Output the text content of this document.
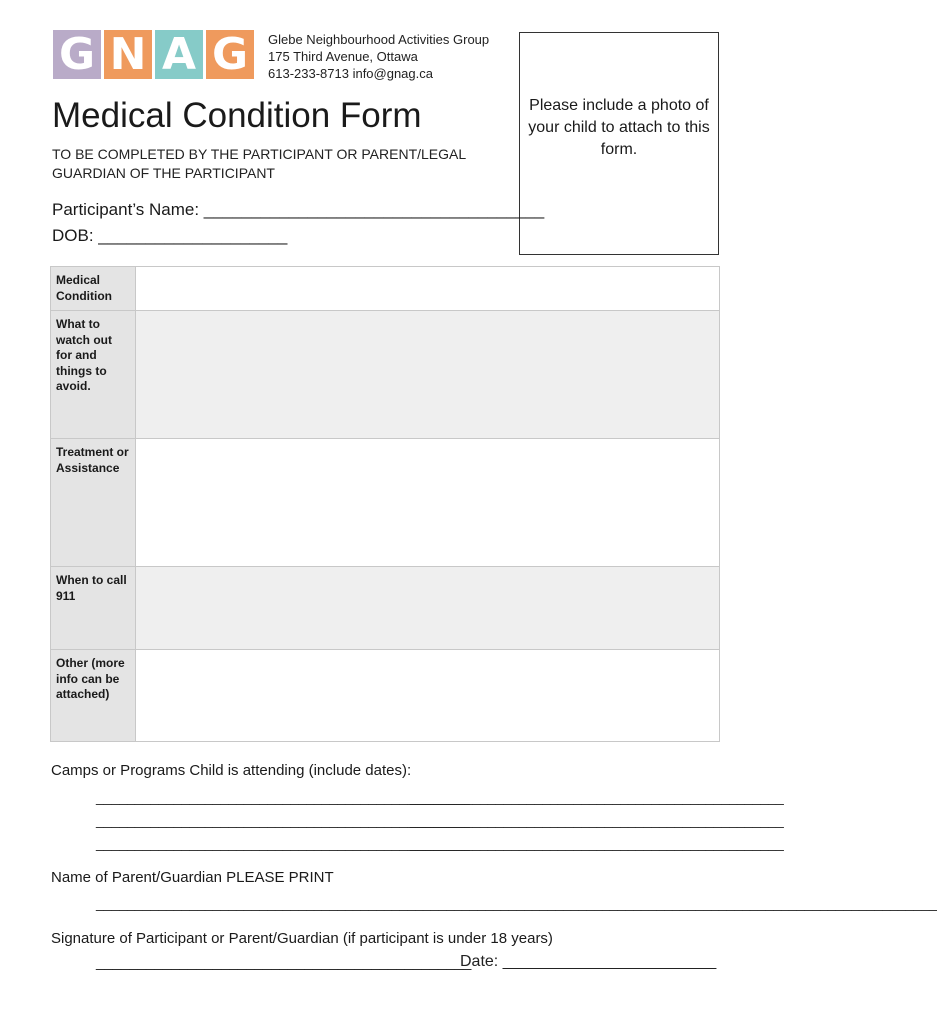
G N A G	Glebe Neighbourhood Activities Group
175 Third Avenue, Ottawa
613-233-8713 info@gnag.ca
Please include a photo of your child to attach to this form.
Medical Condition Form
TO BE COMPLETED BY THE PARTICIPANT OR PARENT/LEGAL GUARDIAN OF THE PARTICIPANT
Participant’s Name: ____________________________________
DOB: ____________________
Medical Condition
What to watch out for and things to avoid.
Treatment or Assistance
When to call 911
Other (more info can be attached)
Camps or Programs Child is attending (include dates):
________________________________________________
________________________________________________
________________________________________________
________________________________________________
________________________________________________
________________________________________________
Name of Parent/Guardian PLEASE PRINT
____________________________________________________________________________________________________________
Signature of Participant or Parent/Guardian (if participant is under 18 years)
_____________________________________________
Date: ________________________
